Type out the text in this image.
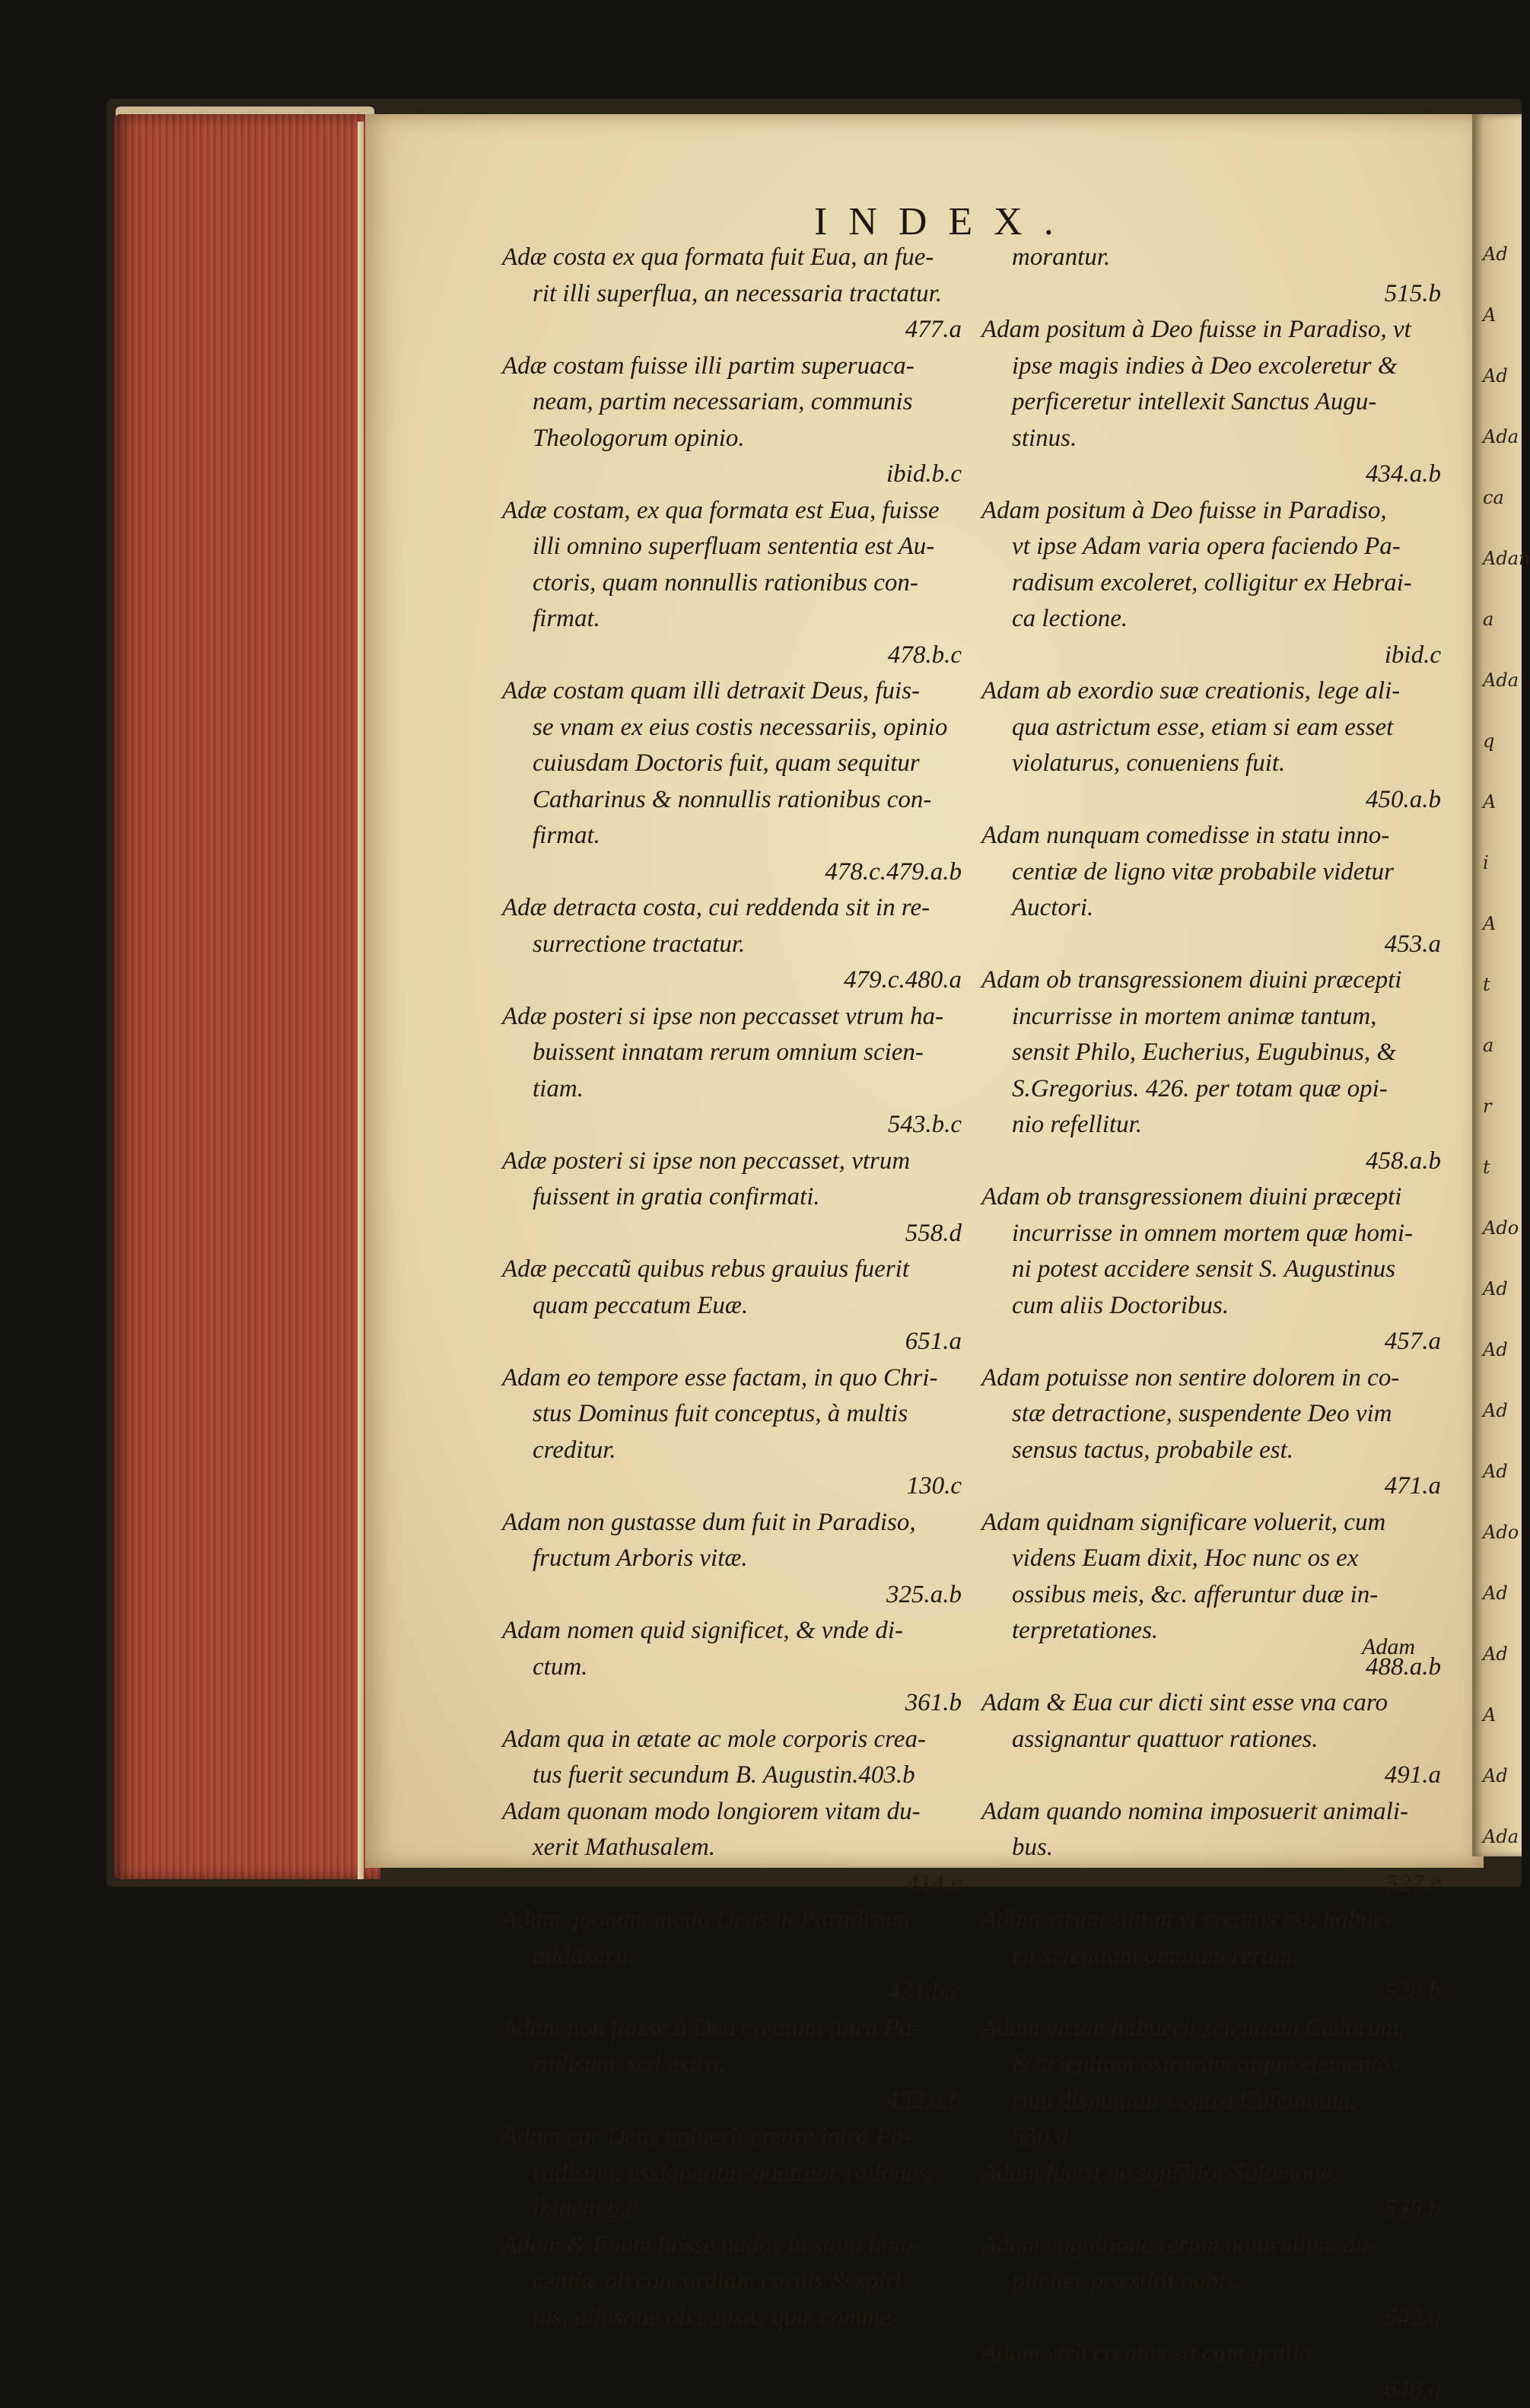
Ad
A
Ad
Ada
ca
Adan
a
Ada
q
A
i
A
t
a
r
t
Ado
Ad
Ad
Ad
Ad
Ado
Ad
Ad
A
Ad
Ada
INDEX.
Adæ costa ex qua formata fuit Eua, an fue-
rit illi superflua, an necessaria tractatur.
477.a
Adæ costam fuisse illi partim superuaca-
neam, partim necessariam, communis
Theologorum opinio.
ibid.b.c
Adæ costam, ex qua formata est Eua, fuisse
illi omnino superfluam sententia est Au-
ctoris, quam nonnullis rationibus con-
firmat.
478.b.c
Adæ costam quam illi detraxit Deus, fuis-
se vnam ex eius costis necessariis, opinio
cuiusdam Doctoris fuit, quam sequitur
Catharinus & nonnullis rationibus con-
firmat.
478.c.479.a.b
Adæ detracta costa, cui reddenda sit in re-
surrectione tractatur.
479.c.480.a
Adæ posteri si ipse non peccasset vtrum ha-
buissent innatam rerum omnium scien-
tiam.
543.b.c
Adæ posteri si ipse non peccasset, vtrum
fuissent in gratia confirmati.
558.d
Adæ peccatũ quibus rebus grauius fuerit
quam peccatum Euæ.
651.a
Adam eo tempore esse factam, in quo Chri-
stus Dominus fuit conceptus, à multis
creditur.
130.c
Adam non gustasse dum fuit in Paradiso,
fructum Arboris vitæ.
325.a.b
Adam nomen quid significet, & vnde di-
ctum.
361.b
Adam qua in ætate ac mole corporis crea-
tus fuerit secundum B. Augustin.403.b
Adam quonam modo longiorem vitam du-
xerit Mathusalem.
414.c
Adam quonam modo Deus in Paradisum
adduxerit.
431.b.c
Adam non fuisse à Deo creatum intra Pa-
radisum, sed extra.
432.a.b
Adam cur Deus noluerit creare intra Pa-
radisum, assignantur quattuor rationes.
ibidem b.c
Adam & Euam fuisse nudos in statu inno-
centiæ ob concordiam carnis & spiri-
tus, aliasque ob causas quæ comme-
morantur.
515.b
Adam positum à Deo fuisse in Paradiso, vt
ipse magis indies à Deo excoleretur &
perficeretur intellexit Sanctus Augu-
stinus.
434.a.b
Adam positum à Deo fuisse in Paradiso,
vt ipse Adam varia opera faciendo Pa-
radisum excoleret, colligitur ex Hebrai-
ca lectione.
ibid.c
Adam ab exordio suæ creationis, lege ali-
qua astrictum esse, etiam si eam esset
violaturus, conueniens fuit.
450.a.b
Adam nunquam comedisse in statu inno-
centiæ de ligno vitæ probabile videtur
Auctori.
453.a
Adam ob transgressionem diuini præcepti
incurrisse in mortem animæ tantum,
sensit Philo, Eucherius, Eugubinus, &
S.Gregorius. 426. per totam quæ opi-
nio refellitur.
458.a.b
Adam ob transgressionem diuini præcepti
incurrisse in omnem mortem quæ homi-
ni potest accidere sensit S. Augustinus
cum aliis Doctoribus.
457.a
Adam potuisse non sentire dolorem in co-
stæ detractione, suspendente Deo vim
sensus tactus, probabile est.
471.a
Adam quidnam significare voluerit, cum
videns Euam dixit, Hoc nunc os ex
ossibus meis, &c. afferuntur duæ in-
terpretationes.
488.a.b
Adam & Eua cur dicti sint esse vna caro
assignantur quattuor rationes.
491.a
Adam quando nomina imposuerit animali-
bus.
527.c
Adam vtrum statim vt creatus est, habue-
rit scientiam omnium rerum.
528.b
Adam vtrum habuerit scientiam Cælorum,
& scientiam astrorum atque elemento-
rum disputatur contra Caietanum.
530.d
Adam fuerit ne sapiẽtior Salomone.
535.b
Adam cognitione rerum naturalium du-
pliciter præstitit nobis.
542.a
Adam vtrũ creatus sit cum gratia.
646.a
Adam
